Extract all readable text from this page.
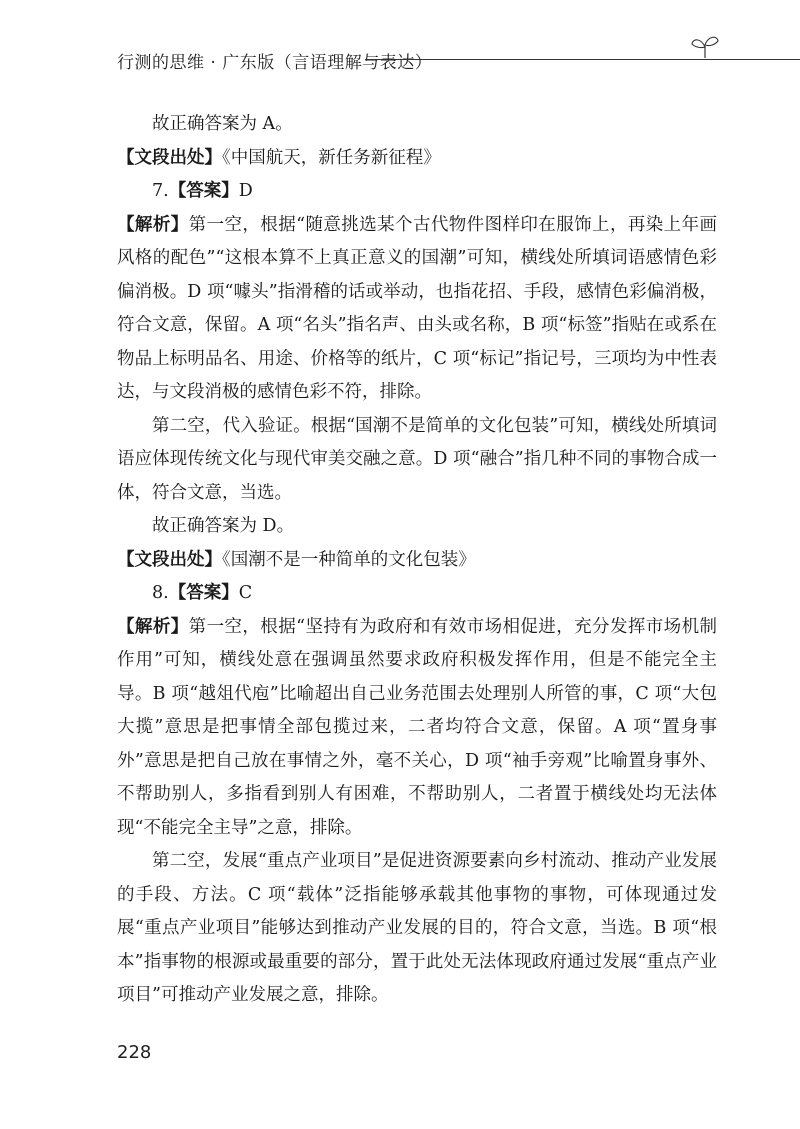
行测的思维 · 广东版（言语理解与表达）

故正确答案为 A。

【文段出处】《中国航天，新任务新征程》

7.【答案】D

【解析】第一空，根据“随意挑选某个古代物件图样印在服饰上，再染上年画风格的配色”“这根本算不上真正意义的国潮”可知，横线处所填词语感情色彩偏消极。D 项“噱头”指滑稽的话或举动，也指花招、手段，感情色彩偏消极，符合文意，保留。A 项“名头”指名声、由头或名称，B 项“标签”指贴在或系在物品上标明品名、用途、价格等的纸片，C 项“标记”指记号，三项均为中性表达，与文段消极的感情色彩不符，排除。

第二空，代入验证。根据“国潮不是简单的文化包装”可知，横线处所填词语应体现传统文化与现代审美交融之意。D 项“融合”指几种不同的事物合成一体，符合文意，当选。

故正确答案为 D。

【文段出处】《国潮不是一种简单的文化包装》

8.【答案】C

【解析】第一空，根据“坚持有为政府和有效市场相促进，充分发挥市场机制作用”可知，横线处意在强调虽然要求政府积极发挥作用，但是不能完全主导。B 项“越俎代庖”比喻超出自己业务范围去处理别人所管的事，C 项“大包大揽”意思是把事情全部包揽过来，二者均符合文意，保留。A 项“置身事外”意思是把自己放在事情之外，毫不关心，D 项“袖手旁观”比喻置身事外、不帮助别人，多指看到别人有困难，不帮助别人，二者置于横线处均无法体现“不能完全主导”之意，排除。

第二空，发展“重点产业项目”是促进资源要素向乡村流动、推动产业发展的手段、方法。C 项“载体”泛指能够承载其他事物的事物，可体现通过发展“重点产业项目”能够达到推动产业发展的目的，符合文意，当选。B 项“根本”指事物的根源或最重要的部分，置于此处无法体现政府通过发展“重点产业项目”可推动产业发展之意，排除。

228
